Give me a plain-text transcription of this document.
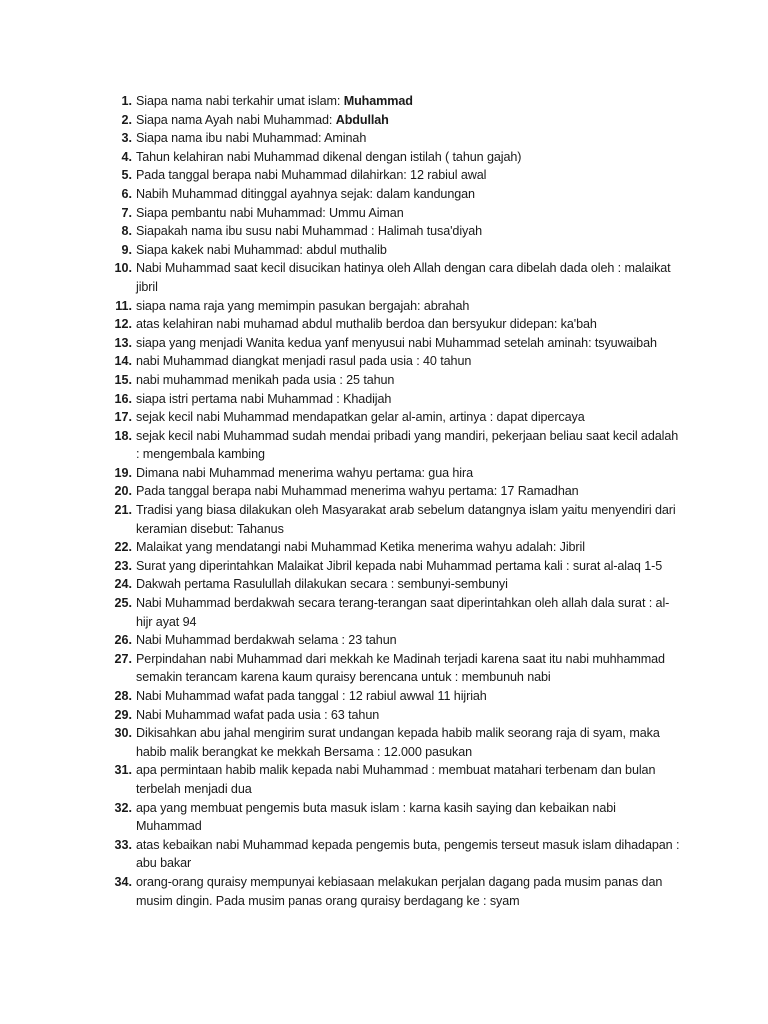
1. Siapa nama nabi terkahir umat islam: Muhammad
2. Siapa nama Ayah nabi Muhammad: Abdullah
3. Siapa nama ibu nabi Muhammad: Aminah
4. Tahun kelahiran nabi Muhammad dikenal dengan istilah ( tahun gajah)
5. Pada tanggal berapa nabi Muhammad dilahirkan: 12 rabiul awal
6. Nabih Muhammad ditinggal ayahnya sejak: dalam kandungan
7. Siapa pembantu nabi Muhammad: Ummu Aiman
8. Siapakah nama ibu susu nabi Muhammad : Halimah tusa'diyah
9. Siapa kakek nabi Muhammad: abdul muthalib
10. Nabi Muhammad saat kecil disucikan hatinya oleh Allah dengan cara dibelah dada oleh : malaikat jibril
11. siapa nama raja yang memimpin pasukan bergajah: abrahah
12. atas kelahiran nabi muhamad abdul muthalib berdoa dan bersyukur didepan: ka'bah
13. siapa yang menjadi Wanita kedua yanf menyusui nabi Muhammad setelah aminah: tsyuwaibah
14. nabi Muhammad diangkat menjadi rasul pada usia : 40 tahun
15. nabi muhammad menikah pada usia : 25 tahun
16. siapa istri pertama nabi Muhammad : Khadijah
17. sejak kecil nabi Muhammad mendapatkan gelar al-amin, artinya : dapat dipercaya
18. sejak kecil nabi Muhammad sudah mendai pribadi yang mandiri, pekerjaan beliau saat kecil adalah : mengembala kambing
19. Dimana nabi Muhammad menerima wahyu pertama: gua hira
20. Pada tanggal berapa nabi Muhammad menerima wahyu pertama: 17 Ramadhan
21. Tradisi yang biasa dilakukan oleh Masyarakat arab sebelum datangnya islam yaitu menyendiri dari keramian disebut: Tahanus
22. Malaikat yang mendatangi nabi Muhammad Ketika menerima wahyu adalah: Jibril
23. Surat yang diperintahkan Malaikat Jibril kepada nabi Muhammad pertama kali : surat al-alaq 1-5
24. Dakwah pertama Rasulullah dilakukan secara : sembunyi-sembunyi
25. Nabi Muhammad berdakwah secara terang-terangan saat diperintahkan oleh allah dala surat : al-hijr ayat 94
26. Nabi Muhammad berdakwah selama : 23 tahun
27. Perpindahan nabi Muhammad dari mekkah ke Madinah terjadi karena saat itu nabi muhhammad semakin terancam karena kaum quraisy berencana untuk : membunuh nabi
28. Nabi Muhammad wafat pada tanggal : 12 rabiul awwal 11 hijriah
29. Nabi Muhammad wafat pada usia : 63 tahun
30. Dikisahkan abu jahal mengirim surat undangan kepada habib malik seorang raja di syam, maka habib malik berangkat ke mekkah Bersama : 12.000 pasukan
31. apa permintaan habib malik kepada nabi Muhammad : membuat matahari terbenam dan bulan terbelah menjadi dua
32. apa yang membuat pengemis buta masuk islam : karna kasih saying dan kebaikan nabi Muhammad
33. atas kebaikan nabi Muhammad kepada pengemis buta, pengemis terseut masuk islam dihadapan : abu bakar
34. orang-orang quraisy mempunyai kebiasaan melakukan perjalan dagang pada musim panas dan musim dingin. Pada musim panas orang quraisy berdagang ke : syam
